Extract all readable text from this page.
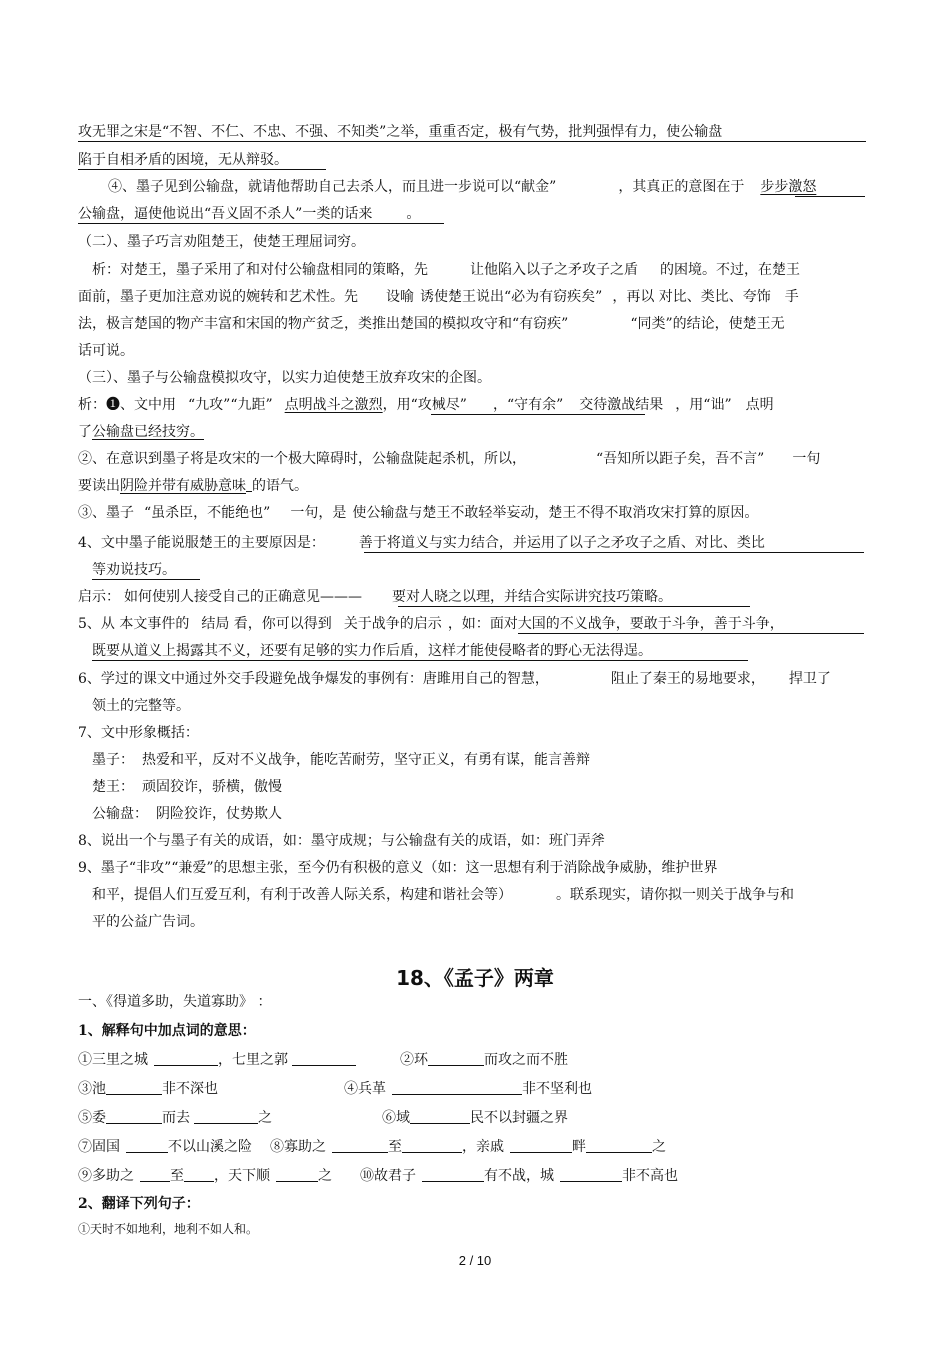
攻无罪之宋是“不智、不仁、不忠、不强、不知类”之举，重重否定，极有气势，批判强悍有力，使公输盘
陷于自相矛盾的困境，无从辩驳。
④、墨子见到公输盘，就请他帮助自己去杀人，而且进一步说可以“献金”	，其真正的意图在于 步步激怒
公输盘，逼使他说出“吾义固不杀人”一类的话来 。
（二）、墨子巧言劝阻楚王，使楚王理屈词穷。
析：对楚王，墨子采用了和对付公输盘相同的策略，先	让他陷入以子之矛攻子之盾 的困境。不过，在楚王
面前，墨子更加注意劝说的婉转和艺术性。先 设喻 诱使楚王说出“必为有窃疾矣” ，再以 对比、类比、夸饰 手
法，极言楚国的物产丰富和宋国的物产贫乏，类推出楚国的模拟攻守和“有窃疾”	“同类”的结论，使楚王无
话可说。
（三）、墨子与公输盘模拟攻守，以实力迫使楚王放弃攻宋的企图。
析：❶、文中用 “九攻”“九距” 点明战斗之激烈，用“攻械尽” ，“守有余” 交待激战结果 ，用“诎” 点明
了公输盘已经技穷。
②、在意识到墨子将是攻宋的一个极大障碍时，公输盘陡起杀机，所以，	“吾知所以距子矣，吾不言” 一句
要读出阴险并带有威胁意味 的语气。
③、墨子 “虽杀臣，不能绝也” 一句，是 使公输盘与楚王不敢轻举妄动，楚王不得不取消攻宋打算的原因。
4、文中墨子能说服楚王的主要原因是： 善于将道义与实力结合，并运用了以子之矛攻子之盾、对比、类比
等劝说技巧。
启示： 如何使别人接受自己的正确意见——— 要对人晓之以理，并结合实际讲究技巧策略。
5、从 本文事件的 结局 看，你可以得到 关于战争的启示 ，如：面对大国的不义战争，要敢于斗争，善于斗争，
既要从道义上揭露其不义，还要有足够的实力作后盾，这样才能使侵略者的野心无法得逞。
6、学过的课文中通过外交手段避免战争爆发的事例有：唐雎用自己的智慧，	阻止了秦王的易地要求， 捍卫了
领土的完整等。
7、文中形象概括：
墨子： 热爱和平，反对不义战争，能吃苦耐劳，坚守正义，有勇有谋，能言善辩
楚王： 顽固狡诈，骄横，傲慢
公输盘： 阴险狡诈，仗势欺人
8、说出一个与墨子有关的成语，如：墨守成规；与公输盘有关的成语，如：班门弄斧
9、墨子“非攻”“兼爱”的思想主张，至今仍有积极的意义（如：这一思想有利于消除战争威胁，维护世界
和平，提倡人们互爱互利，有利于改善人际关系，构建和谐社会等）	。联系现实，请你拟一则关于战争与和
平的公益广告词。
18、《孟子》两章
一、《得道多助，失道寡助》 ：
1、解释句中加点词的意思：
①三里之城	，七里之郭	②环	而攻之而不胜
③池	非不深也	④兵革	非不坚利也
⑤委	而去	之	⑥域	民不以封疆之界
⑦固国	不以山溪之险 ⑧寡助之	至	，亲戚	畔	之
⑨多助之	至 ，天下顺	之 ⑩故君子	有不战，城	非不高也
2、翻译下列句子：
①天时不如地利，地利不如人和。
2 / 10
